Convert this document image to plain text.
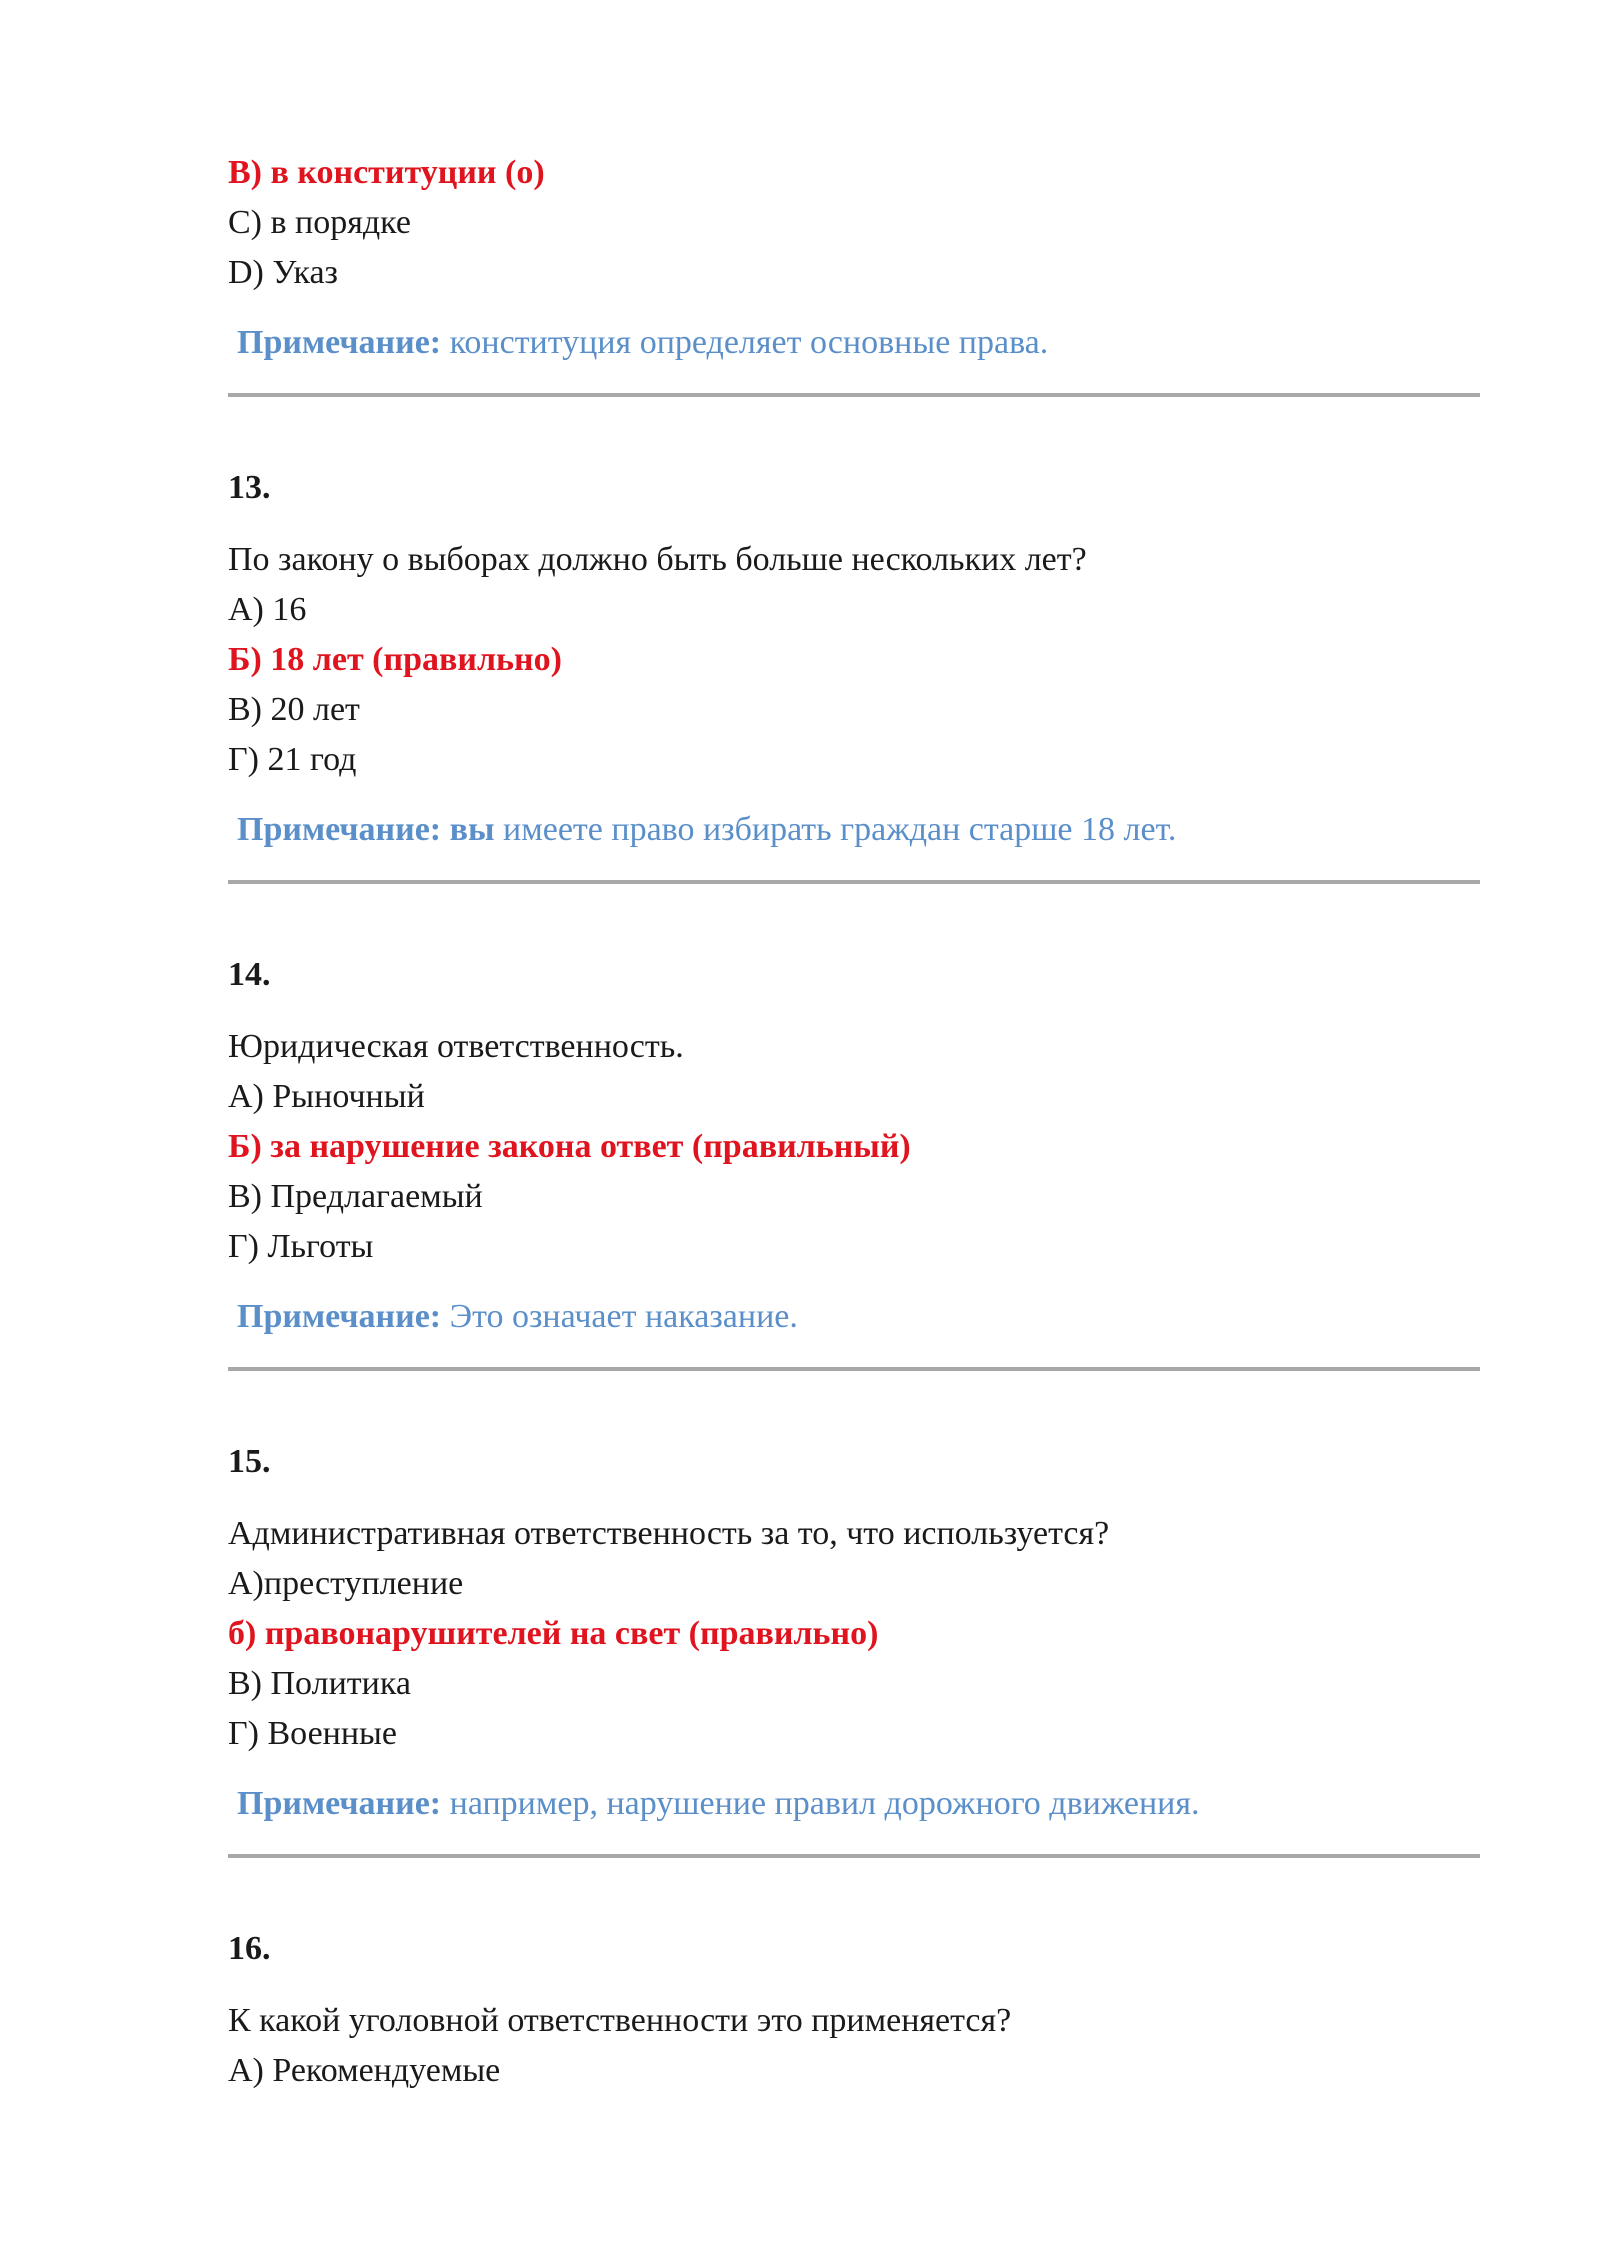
B) в конституции (о)
C) в порядке
D) Указ
Примечание: конституция определяет основные права.
13.
По закону о выборах должно быть больше нескольких лет?
А) 16
Б) 18 лет (правильно)
В) 20 лет
Г) 21 год
Примечание: вы имеете право избирать граждан старше 18 лет.
14.
Юридическая ответственность.
А) Рыночный
Б) за нарушение закона ответ (правильный)
В) Предлагаемый
Г) Льготы
Примечание: Это означает наказание.
15.
Административная ответственность за то, что используется?
А)преступление
б) правонарушителей на свет (правильно)
В) Политика
Г) Военные
Примечание: например, нарушение правил дорожного движения.
16.
К какой уголовной ответственности это применяется?
А) Рекомендуемые
